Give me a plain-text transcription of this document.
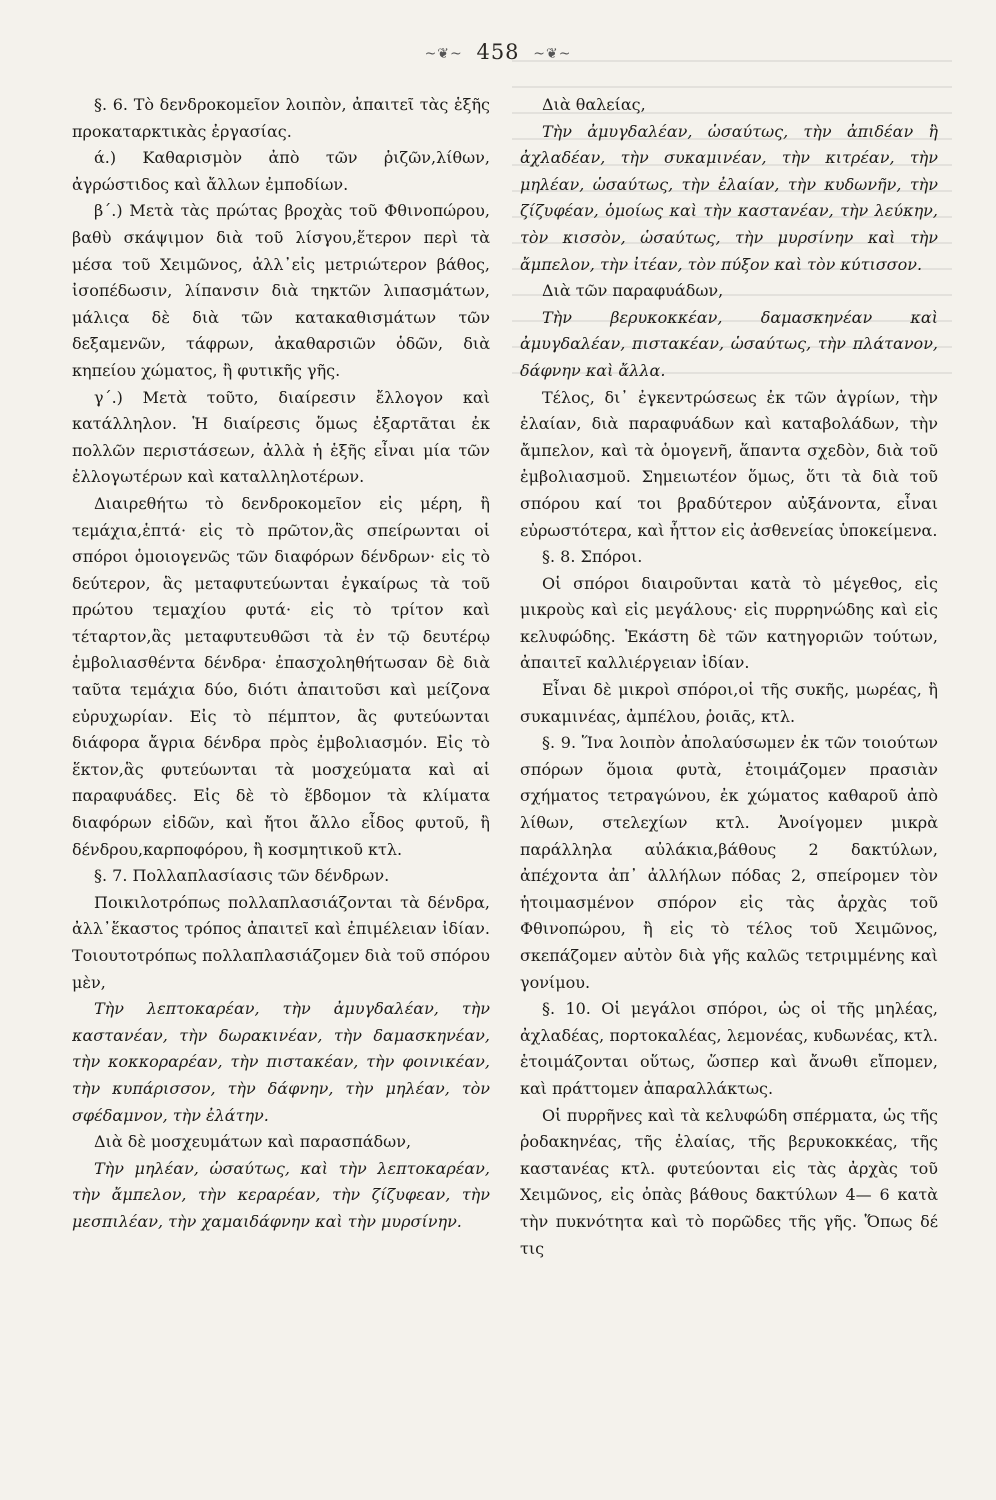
~❦~ 458 ~❦~

§. 6. Τὸ δενδροκομεῖον λοιπὸν, ἀπαιτεῖ τὰς ἑξῆς προκαταρκτικὰς ἐργασίας.

ά.) Καθαρισμὸν ἀπὸ τῶν ῥιζῶν,λίθων, ἀγρώστιδος καὶ ἄλλων ἐμποδίων.

β΄.) Μετὰ τὰς πρώτας βροχὰς τοῦ Φθινοπώρου, βαθὺ σκάψιμον διὰ τοῦ λίσγου,ἕτερον περὶ τὰ μέσα τοῦ Χειμῶνος, ἀλλ᾽εἰς μετριώτερον βάθος, ἰσοπέδωσιν, λίπανσιν διὰ τηκτῶν λιπασμάτων, μάλιςα δὲ διὰ τῶν κατακαθισμάτων τῶν δεξαμενῶν, τάφρων, ἀκαθαρσιῶν ὁδῶν, διὰ κηπείου χώματος, ἢ φυτικῆς γῆς.

γ΄.) Μετὰ τοῦτο, διαίρεσιν ἔλλογον καὶ κατάλληλον. Ἡ διαίρεσις ὅμως ἐξαρτᾶται ἐκ πολλῶν περιστάσεων, ἀλλὰ ἡ ἑξῆς εἶναι μία τῶν ἐλλογωτέρων καὶ καταλληλοτέρων.

Διαιρεθήτω τὸ δενδροκομεῖον εἰς μέρη, ἢ τεμάχια,ἑπτά· εἰς τὸ πρῶτον,ἃς σπείρωνται οἱ σπόροι ὁμοιογενῶς τῶν διαφόρων δένδρων· εἰς τὸ δεύτερον, ἃς μεταφυτεύωνται ἐγκαίρως τὰ τοῦ πρώτου τεμαχίου φυτά· εἰς τὸ τρίτον καὶ τέταρτον,ἃς μεταφυτευθῶσι τὰ ἐν τῷ δευτέρῳ ἐμβολιασθέντα δένδρα· ἐπασχοληθήτωσαν δὲ διὰ ταῦτα τεμάχια δύο, διότι ἀπαιτοῦσι καὶ μείζονα εὐρυχωρίαν. Εἰς τὸ πέμπτον, ἃς φυτεύωνται διάφορα ἄγρια δένδρα πρὸς ἐμβολιασμόν. Εἰς τὸ ἕκτον,ἃς φυτεύωνται τὰ μοσχεύματα καὶ αἱ παραφυάδες. Εἰς δὲ τὸ ἕβδομον τὰ κλίματα διαφόρων εἰδῶν, καὶ ἤτοι ἄλλο εἶδος φυτοῦ, ἢ δένδρου,καρποφόρου, ἢ κοσμητικοῦ κτλ.

§. 7. Πολλαπλασίασις τῶν δένδρων.

Ποικιλοτρόπως πολλαπλασιάζονται τὰ δένδρα, ἀλλ᾽ἕκαστος τρόπος ἀπαιτεῖ καὶ ἐπιμέλειαν ἰδίαν. Τοιουτοτρόπως πολλαπλασιάζομεν διὰ τοῦ σπόρου μὲν,

Τὴν λεπτοκαρέαν, τὴν ἀμυγδαλέαν, τὴν καστανέαν, τὴν δωρακινέαν, τὴν δαμασκηνέαν, τὴν κοκκοραρέαν, τὴν πιστακέαν, τὴν φοινικέαν, τὴν κυπάρισσον, τὴν δάφνην, τὴν μηλέαν, τὸν σφέδαμνον, τὴν ἐλάτην.

Διὰ δὲ μοσχευμάτων καὶ παρασπάδων,

Τὴν μηλέαν, ὡσαύτως, καὶ τὴν λεπτοκαρέαν, τὴν ἄμπελον, τὴν κεραρέαν, τὴν ζίζυφεαν, τὴν μεσπιλέαν, τὴν χαμαιδάφνην καὶ τὴν μυρσίνην.

Διὰ θαλείας,

Τὴν ἀμυγδαλέαν, ὡσαύτως, τὴν ἀπιδέαν ἢ ἀχλαδέαν, τὴν συκαμινέαν, τὴν κιτρέαν, τὴν μηλέαν, ὡσαύτως, τὴν ἐλαίαν, τὴν κυδωνῆν, τὴν ζίζυφέαν, ὁμοίως καὶ τὴν καστανέαν, τὴν λεύκην, τὸν κισσὸν, ὡσαύτως, τὴν μυρσίνην καὶ τὴν ἄμπελον, τὴν ἰτέαν, τὸν πύξον καὶ τὸν κύτισσον.

Διὰ τῶν παραφυάδων,

Τὴν βερυκοκκέαν, δαμασκηνέαν καὶ ἀμυγδαλέαν, πιστακέαν, ὡσαύτως, τὴν πλάτανον, δάφνην καὶ ἄλλα.

Τέλος, δι᾽ ἐγκεντρώσεως ἐκ τῶν ἀγρίων, τὴν ἐλαίαν, διὰ παραφυάδων καὶ καταβολάδων, τὴν ἄμπελον, καὶ τὰ ὁμογενῆ, ἅπαντα σχεδὸν, διὰ τοῦ ἐμβολιασμοῦ. Σημειωτέον ὅμως, ὅτι τὰ διὰ τοῦ σπόρου καί τοι βραδύτερον αὐξάνοντα, εἶναι εὐρωστότερα, καὶ ἧττον εἰς ἀσθενείας ὑποκείμενα.

§. 8. Σπόροι.

Οἱ σπόροι διαιροῦνται κατὰ τὸ μέγεθος, εἰς μικροὺς καὶ εἰς μεγάλους· εἰς πυρρηνώδης καὶ εἰς κελυφώδης. Ἑκάστη δὲ τῶν κατηγοριῶν τούτων, ἀπαιτεῖ καλλιέργειαν ἰδίαν.

Εἶναι δὲ μικροὶ σπόροι,οἱ τῆς συκῆς, μωρέας, ἢ συκαμινέας, ἀμπέλου, ῥοιᾶς, κτλ.

§. 9. Ἵνα λοιπὸν ἀπολαύσωμεν ἐκ τῶν τοιούτων σπόρων ὅμοια φυτὰ, ἑτοιμάζομεν πρασιὰν σχήματος τετραγώνου, ἐκ χώματος καθαροῦ ἀπὸ λίθων, στελεχίων κτλ. Ἀνοίγομεν μικρὰ παράλληλα αὐλάκια,βάθους 2 δακτύλων, ἀπέχοντα ἀπ᾽ ἀλλήλων πόδας 2, σπείρομεν τὸν ἡτοιμασμένον σπόρον εἰς τὰς ἀρχὰς τοῦ Φθινοπώρου, ἢ εἰς τὸ τέλος τοῦ Χειμῶνος, σκεπάζομεν αὐτὸν διὰ γῆς καλῶς τετριμμένης καὶ γονίμου.

§. 10. Οἱ μεγάλοι σπόροι, ὡς οἱ τῆς μηλέας, ἀχλαδέας, πορτοκαλέας, λεμονέας, κυδωνέας, κτλ. ἑτοιμάζονται οὕτως, ὥσπερ καὶ ἄνωθι εἴπομεν, καὶ πράττομεν ἀπαραλλάκτως.

Οἱ πυρρῆνες καὶ τὰ κελυφώδη σπέρματα, ὡς τῆς ῥοδακηνέας, τῆς ἐλαίας, τῆς βερυκοκκέας, τῆς καστανέας κτλ. φυτεύονται εἰς τὰς ἀρχὰς τοῦ Χειμῶνος, εἰς ὀπὰς βάθους δακτύλων 4— 6 κατὰ τὴν πυκνότητα καὶ τὸ πορῶδες τῆς γῆς. Ὅπως δέ τις
